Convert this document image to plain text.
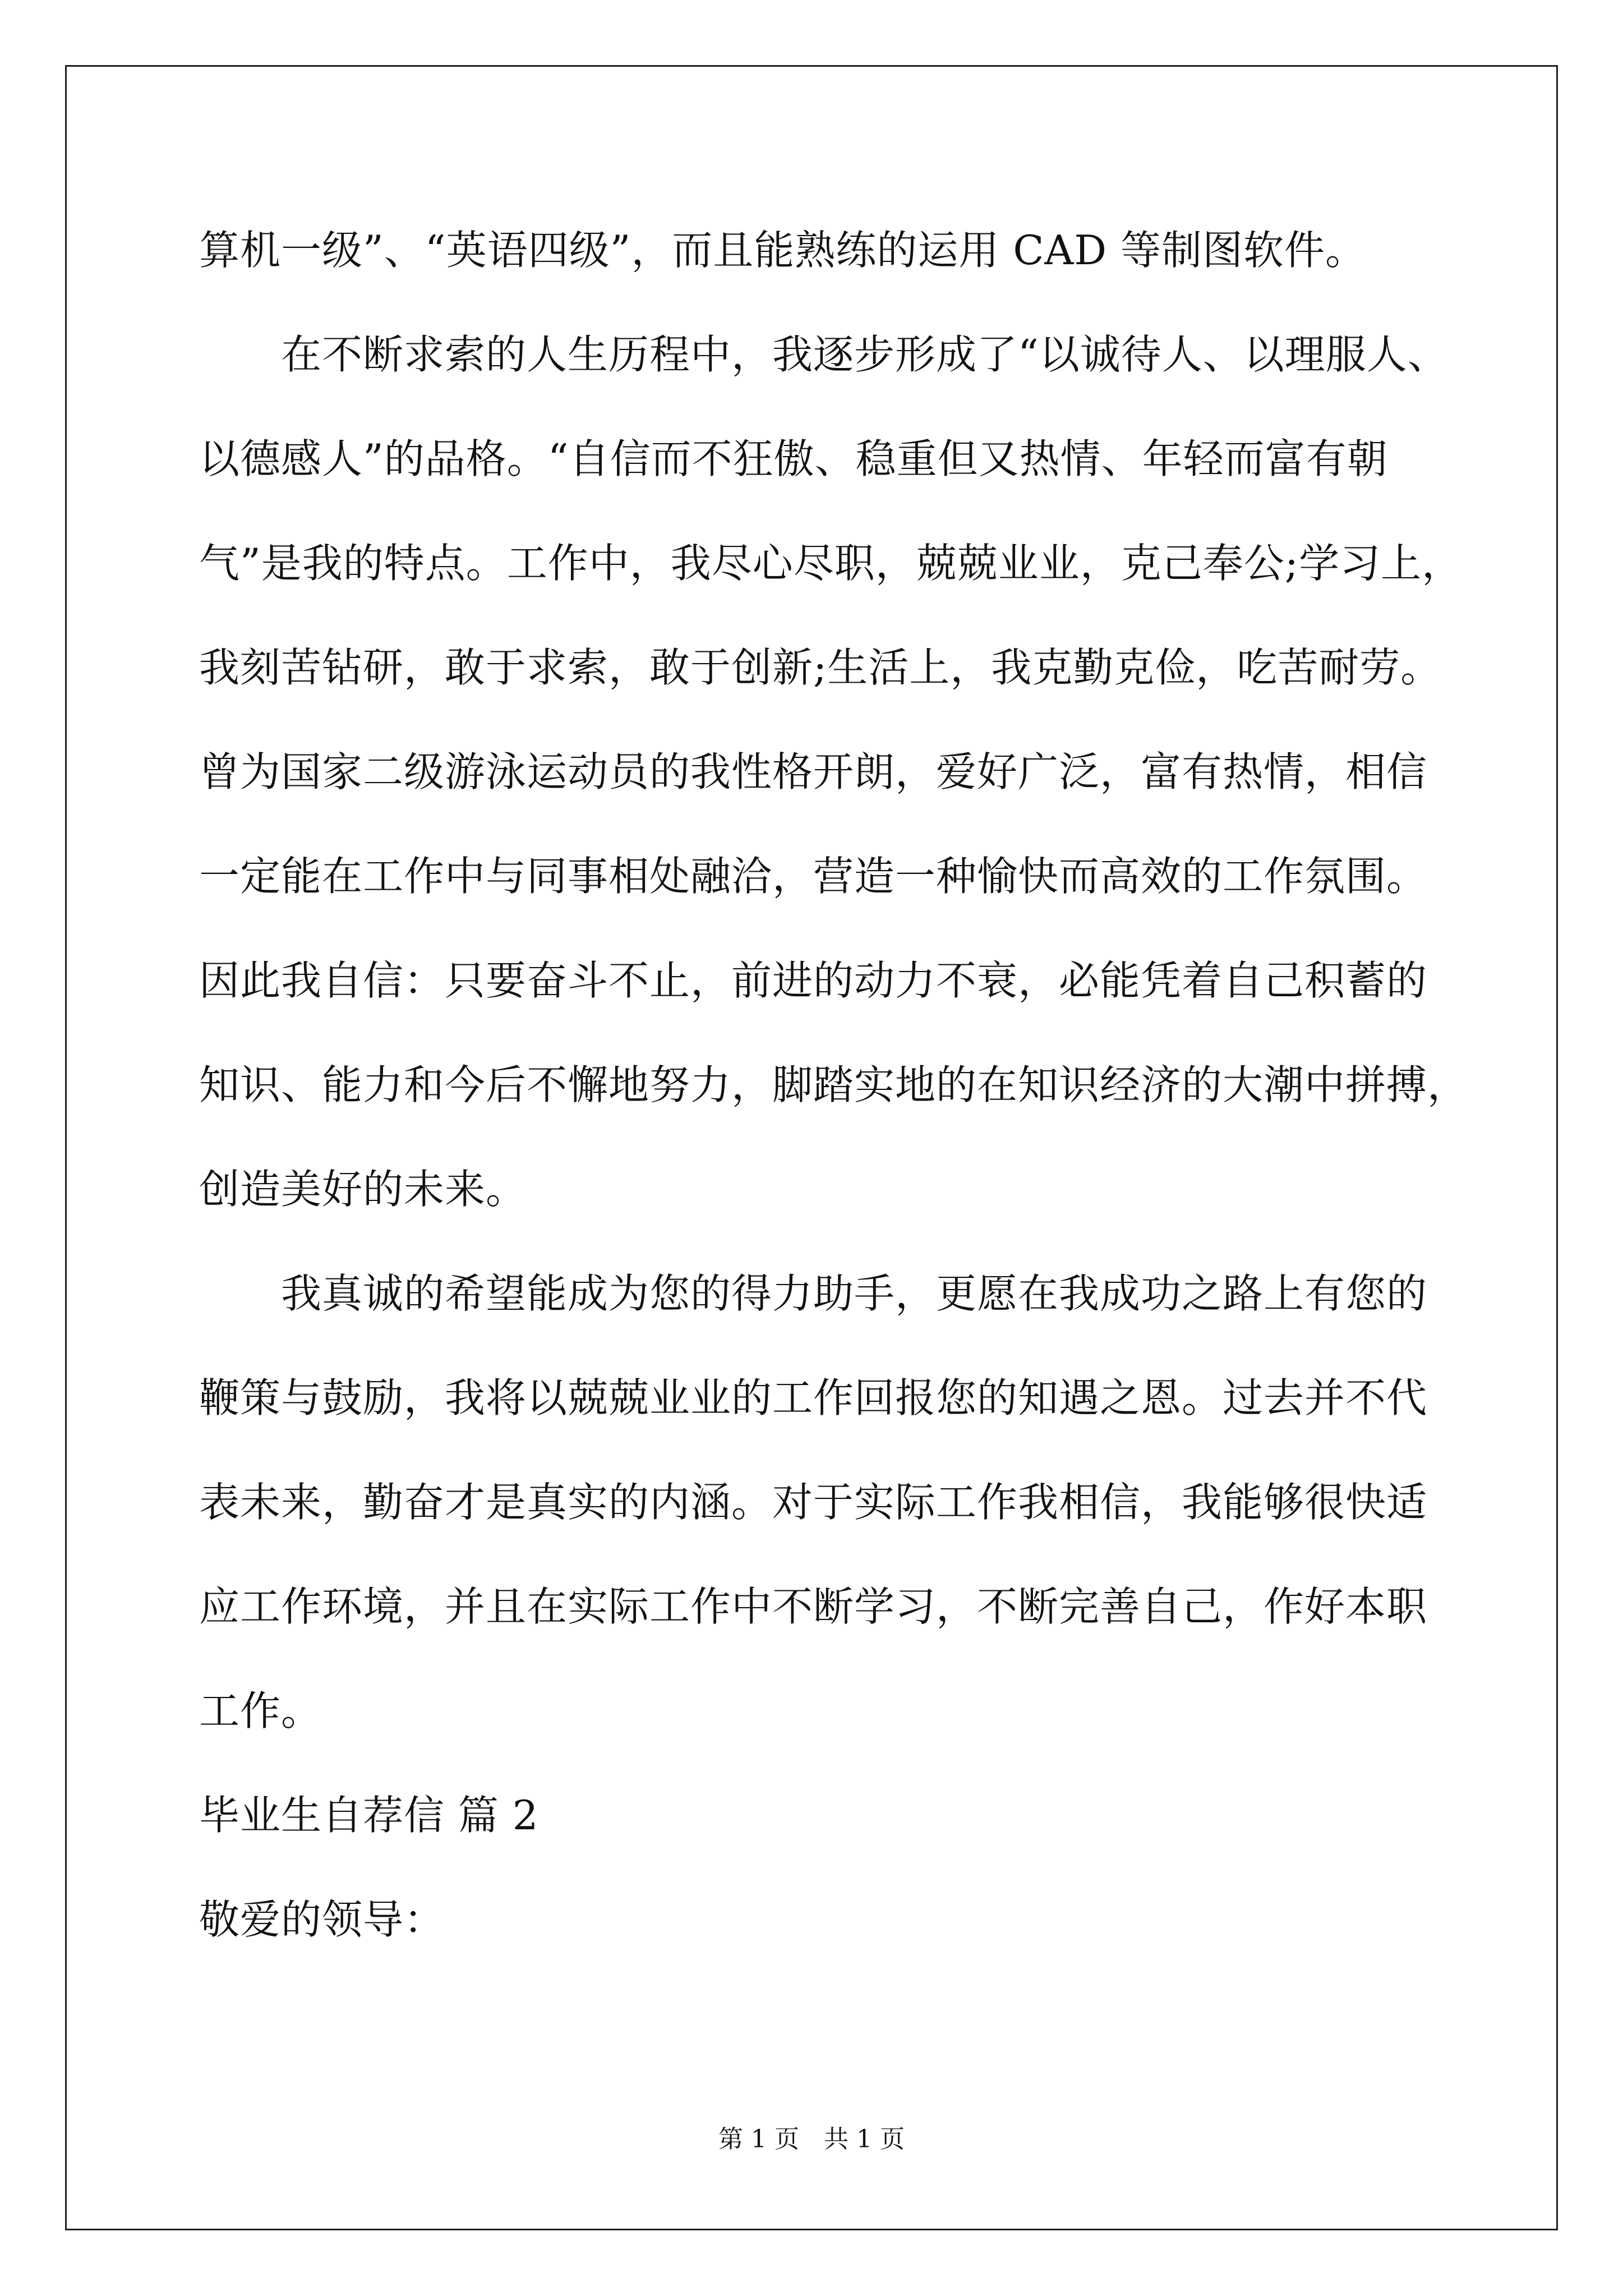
算机一级”、“英语四级”，而且能熟练的运用 CAD 等制图软件。
　　在不断求索的人生历程中，我逐步形成了“以诚待人、以理服人、
以德感人”的品格。“自信而不狂傲、稳重但又热情、年轻而富有朝
气”是我的特点。工作中，我尽心尽职，兢兢业业，克己奉公;学习上，
我刻苦钻研，敢于求索，敢于创新;生活上，我克勤克俭，吃苦耐劳。
曾为国家二级游泳运动员的我性格开朗，爱好广泛，富有热情，相信
一定能在工作中与同事相处融洽，营造一种愉快而高效的工作氛围。
因此我自信：只要奋斗不止，前进的动力不衰，必能凭着自己积蓄的
知识、能力和今后不懈地努力，脚踏实地的在知识经济的大潮中拼搏，
创造美好的未来。
　　我真诚的希望能成为您的得力助手，更愿在我成功之路上有您的
鞭策与鼓励，我将以兢兢业业的工作回报您的知遇之恩。过去并不代
表未来，勤奋才是真实的内涵。对于实际工作我相信，我能够很快适
应工作环境，并且在实际工作中不断学习，不断完善自己，作好本职
工作。
毕业生自荐信 篇 2
敬爱的领导：
第 1 页　共 1 页
